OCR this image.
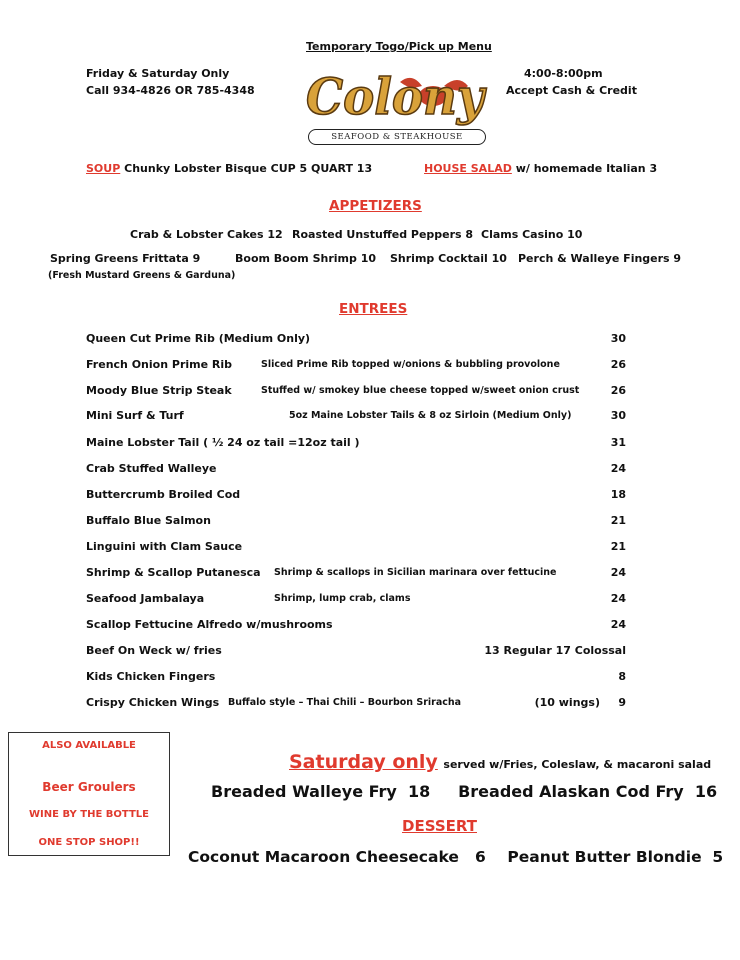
Temporary Togo/Pick up Menu
Friday & Saturday Only
Call 934-4826 OR 785-4348
4:00-8:00pm
Accept Cash & Credit
Colony
SEAFOOD & STEAKHOUSE
SOUP Chunky Lobster Bisque CUP 5 QUART 13	HOUSE SALAD w/ homemade Italian 3
APPETIZERS
Crab & Lobster Cakes 12 Roasted Unstuffed Peppers 8 Clams Casino 10
Spring Greens Frittata 9	Boom Boom Shrimp 10 Shrimp Cocktail 10 Perch & Walleye Fingers 9
(Fresh Mustard Greens & Garduna)
ENTREES
Queen Cut Prime Rib (Medium Only)	30
French Onion Prime Rib	Sliced Prime Rib topped w/onions & bubbling provolone	26
Moody Blue Strip Steak	Stuffed w/ smokey blue cheese topped w/sweet onion crust	26
Mini Surf & Turf	5oz Maine Lobster Tails & 8 oz Sirloin (Medium Only)	30
Maine Lobster Tail ( ½ 24 oz tail =12oz tail )	31
Crab Stuffed Walleye	24
Buttercrumb Broiled Cod	18
Buffalo Blue Salmon	21
Linguini with Clam Sauce	21
Shrimp & Scallop Putanesca Shrimp & scallops in Sicilian marinara over fettucine	24
Seafood Jambalaya	Shrimp, lump crab, clams	24
Scallop Fettucine Alfredo w/mushrooms	24
Beef On Weck w/ fries	13 Regular 17 Colossal
Kids Chicken Fingers	8
Crispy Chicken Wings Buffalo style – Thai Chili – Bourbon Sriracha	(10 wings) 9
ALSO AVAILABLE
Beer Groulers
WINE BY THE BOTTLE
ONE STOP SHOP!!
Saturday only served w/Fries, Coleslaw, & macaroni salad
Breaded Walleye Fry  18     Breaded Alaskan Cod Fry  16
DESSERT
Coconut Macaroon Cheesecake   6    Peanut Butter Blondie  5
